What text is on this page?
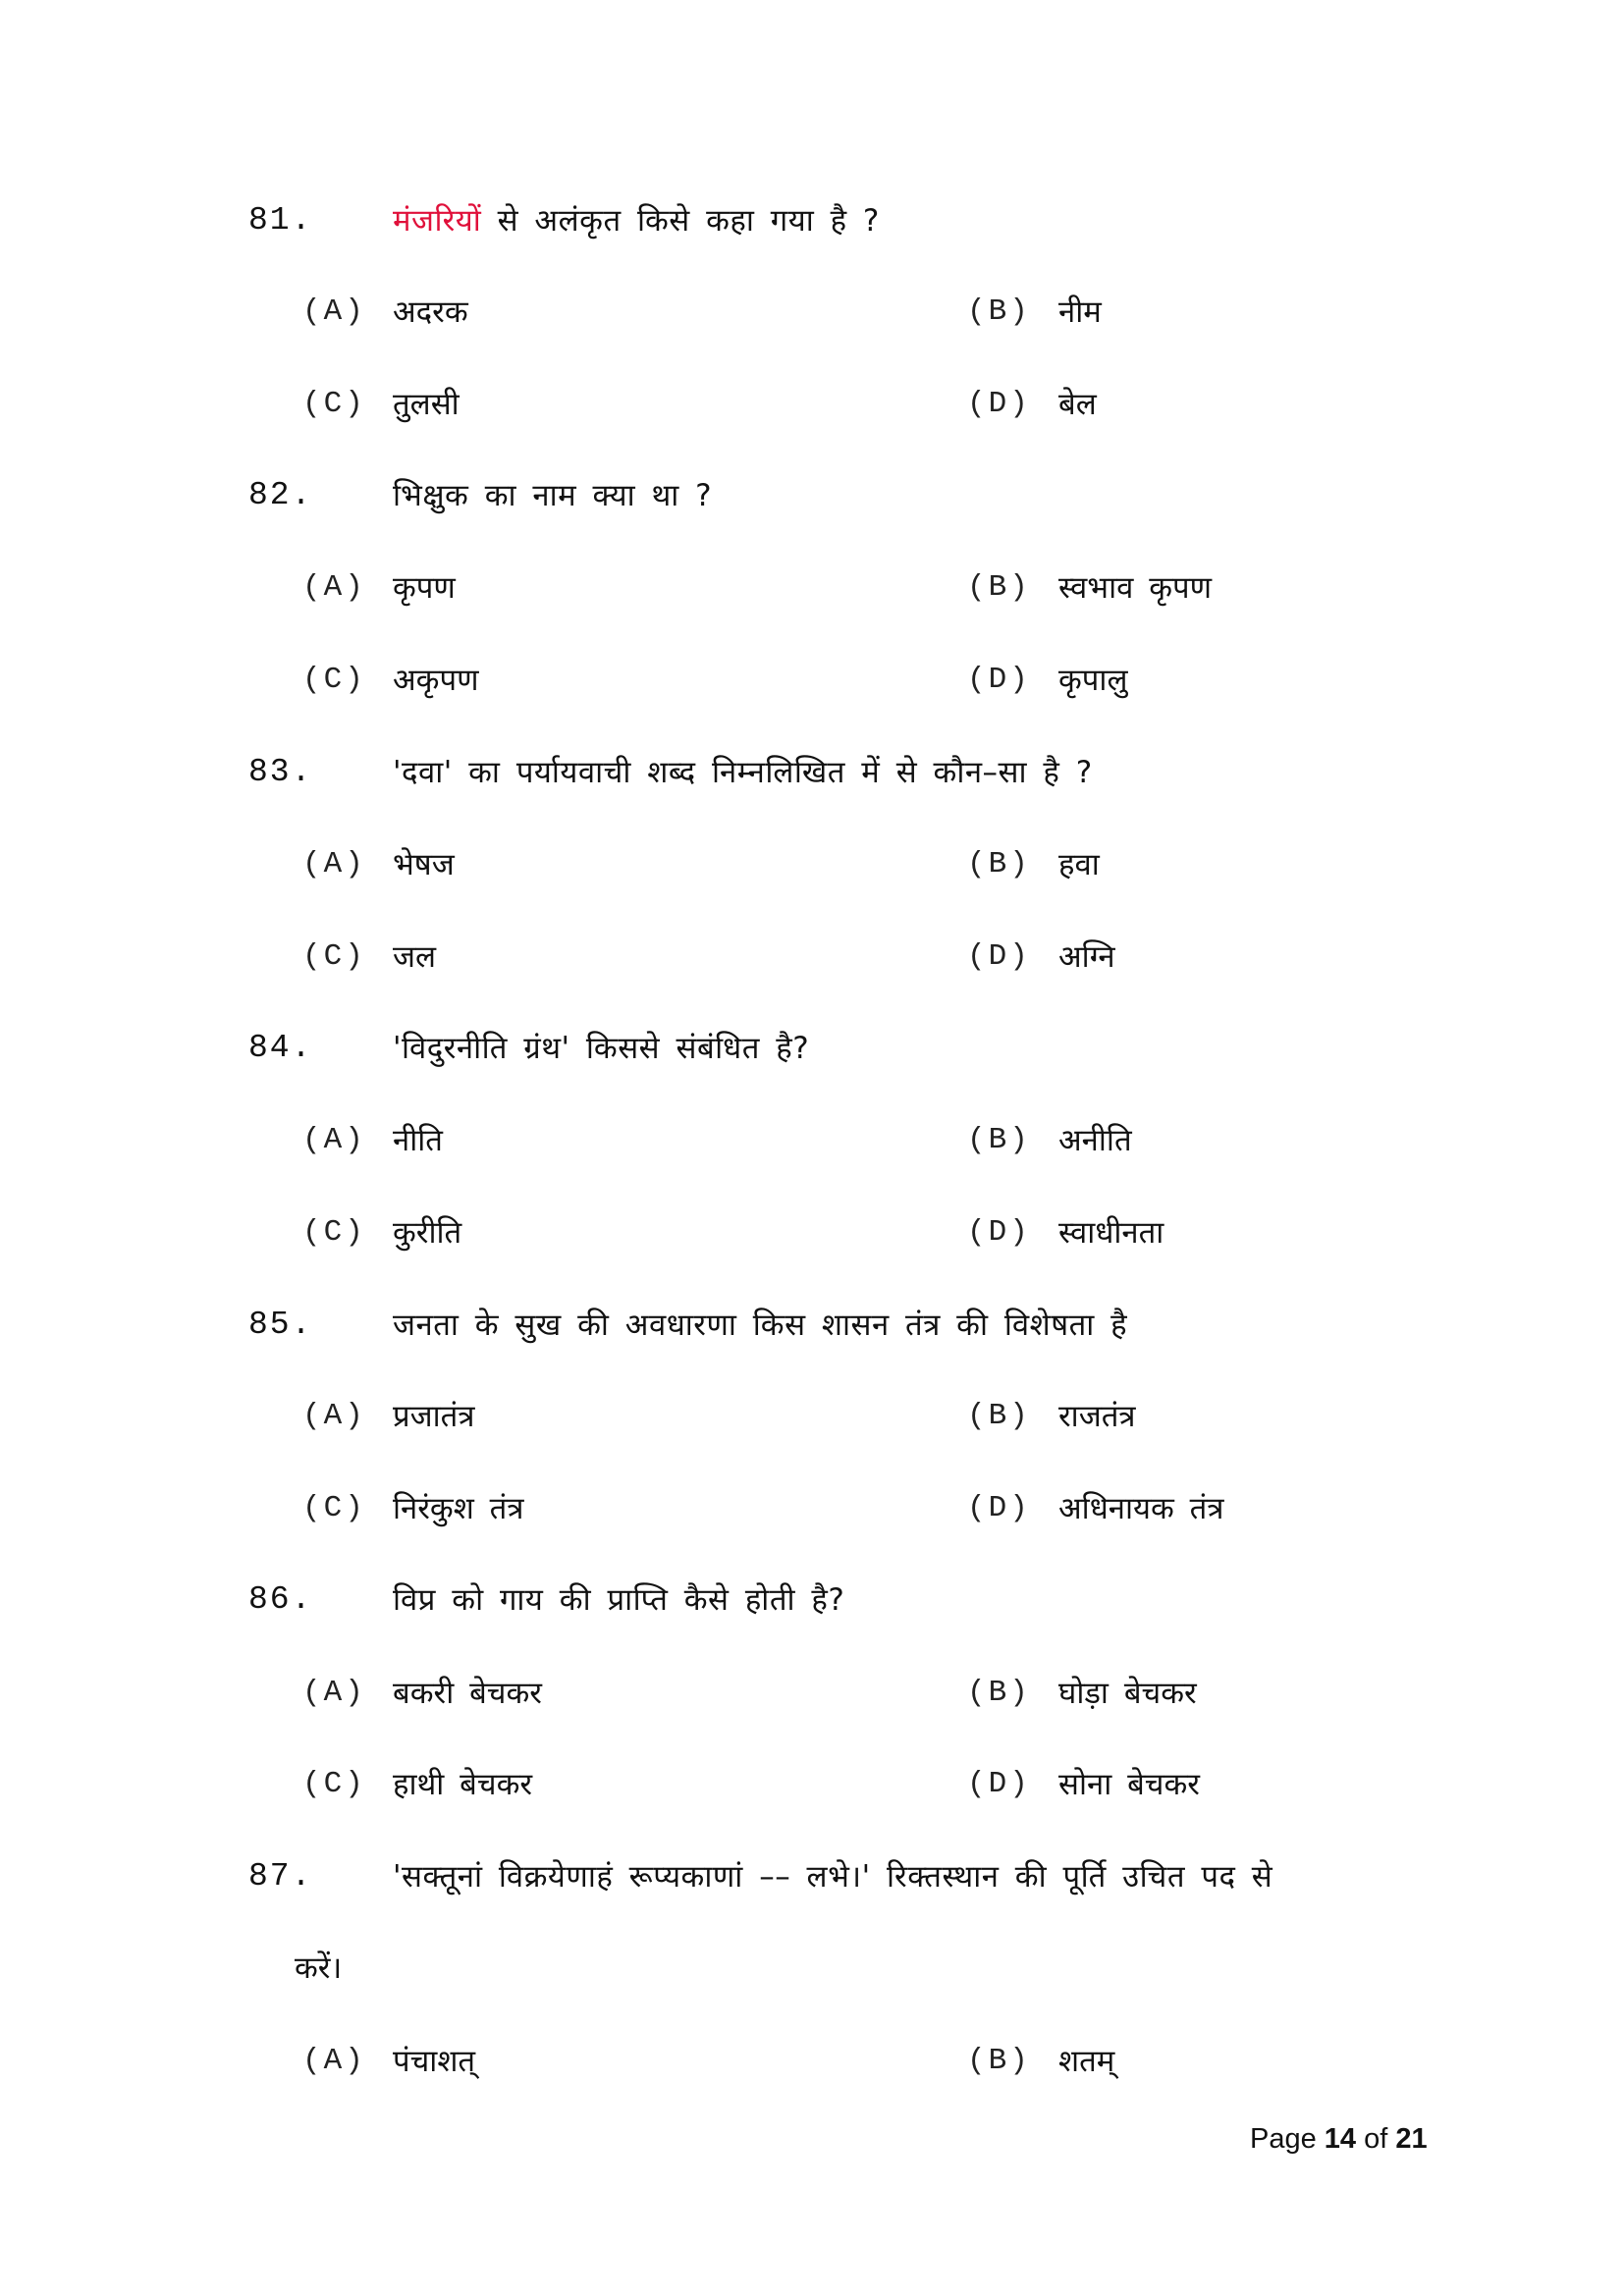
81.	मंजरियों से अलंकृत किसे कहा गया है ?
(A) अदरक	(B) नीम
(C) तुलसी	(D) बेल
82.	भिक्षुक का नाम क्या था ?
(A) कृपण	(B) स्वभाव कृपण
(C) अकृपण	(D) कृपालु
83.	'दवा' का पर्यायवाची शब्द निम्नलिखित में से कौन–सा है ?
(A) भेषज	(B) हवा
(C) जल	(D) अग्नि
84.	'विदुरनीति ग्रंथ' किससे संबंधित है?
(A) नीति	(B) अनीति
(C) कुरीति	(D) स्वाधीनता
85.	जनता के सुख की अवधारणा किस शासन तंत्र की विशेषता है
(A) प्रजातंत्र	(B) राजतंत्र
(C) निरंकुश तंत्र	(D) अधिनायक तंत्र
86.	विप्र को गाय की प्राप्ति कैसे होती है?
(A) बकरी बेचकर	(B) घोड़ा बेचकर
(C) हाथी बेचकर	(D) सोना बेचकर
87.	'सक्तूनां विक्रयेणाहं रूप्यकाणां –– लभे।' रिक्तस्थान की पूर्ति उचित पद से
करें।
(A) पंचाशत्	(B) शतम्
Page 14 of 21
